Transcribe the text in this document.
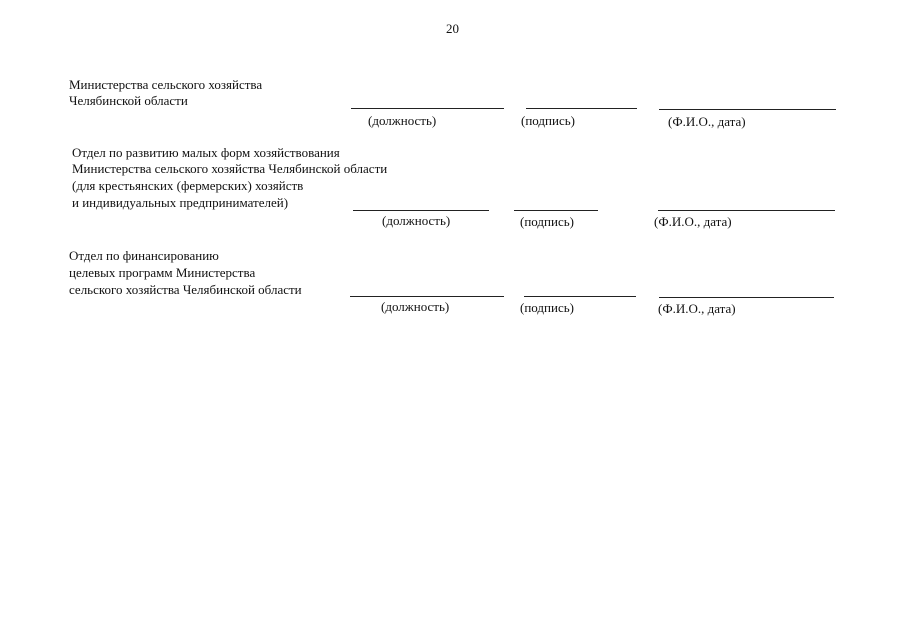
20
Министерства сельского хозяйства
Челябинской области
(должность)	(подпись)	(Ф.И.О., дата)
Отдел по развитию малых форм хозяйствования
Министерства сельского хозяйства Челябинской области
(для крестьянских (фермерских) хозяйств
и индивидуальных предпринимателей)
(должность)	(подпись)	(Ф.И.О., дата)
Отдел по финансированию
целевых программ Министерства
сельского хозяйства Челябинской области
(должность)	(подпись)	(Ф.И.О., дата)
